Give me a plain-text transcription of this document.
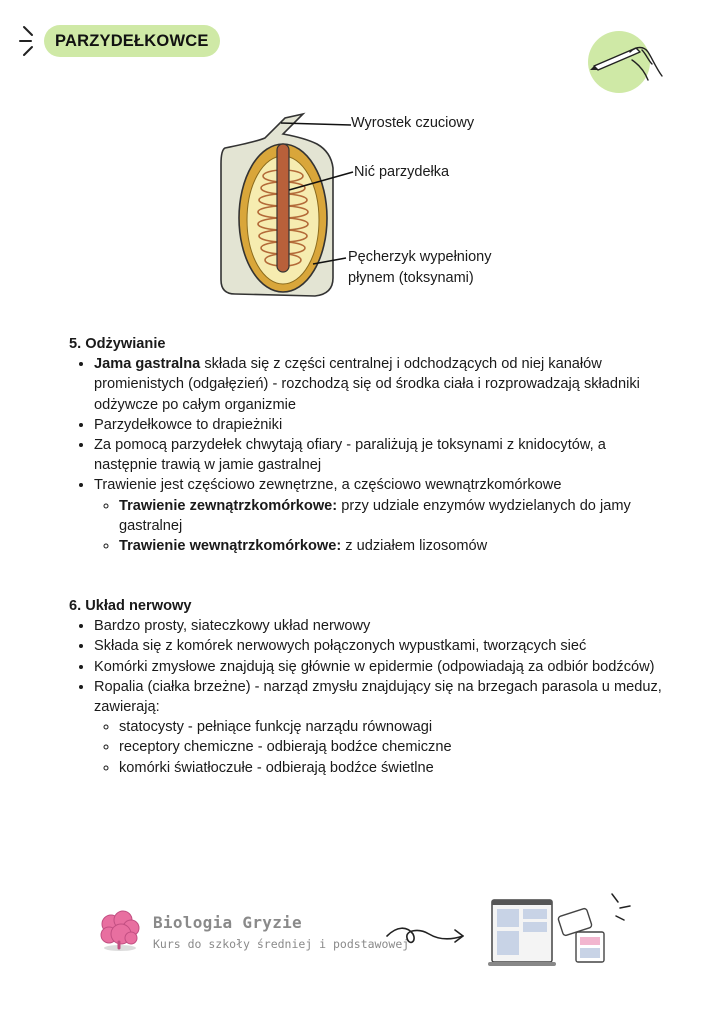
PARZYDEŁKOWCE
Wyrostek czuciowy
Nić parzydełka
Pęcherzyk wypełniony płynem (toksynami)
5. Odżywianie
• Jama gastralna składa się z części centralnej i odchodzących od niej kanałów promienistych (odgałęzień) - rozchodzą się od środka ciała i rozprowadzają składniki odżywcze po całym organizmie
• Parzydełkowce to drapieżniki
• Za pomocą parzydełek chwytają ofiary - paraliżują je toksynami z knidocytów, a następnie trawią w jamie gastralnej
• Trawienie jest częściowo zewnętrzne, a częściowo wewnątrzkomórkowe
◦ Trawienie zewnątrzkomórkowe: przy udziale enzymów wydzielanych do jamy gastralnej
◦ Trawienie wewnątrzkomórkowe: z udziałem lizosomów
6. Układ nerwowy
• Bardzo prosty, siateczkowy układ nerwowy
• Składa się z komórek nerwowych połączonych wypustkami, tworzących sieć
• Komórki zmysłowe znajdują się głównie w epidermie (odpowiadają za odbiór bodźców)
• Ropalia (ciałka brzeżne) - narząd zmysłu znajdujący się na brzegach parasola u meduz, zawierają:
◦ statocysty - pełniące funkcję narządu równowagi
◦ receptory chemiczne - odbierają bodźce chemiczne
◦ komórki światłoczułe - odbierają bodźce świetlne
Biologia Gryzie
Kurs do szkoły średniej i podstawowej
